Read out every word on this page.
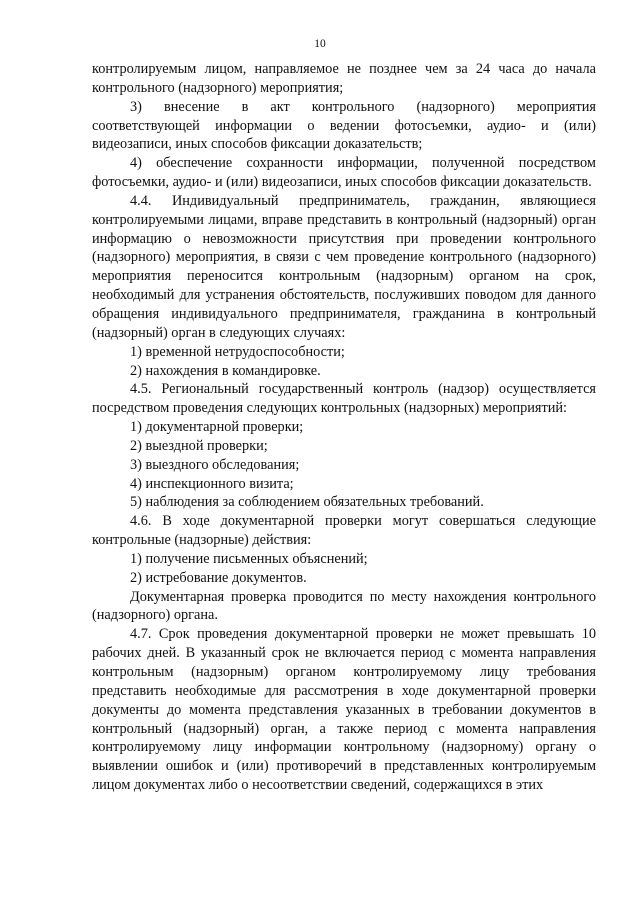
10

контролируемым лицом, направляемое не позднее чем за 24 часа до начала контрольного (надзорного) мероприятия;

3) внесение в акт контрольного (надзорного) мероприятия соответствующей информации о ведении фотосъемки, аудио- и (или) видеозаписи, иных способов фиксации доказательств;

4) обеспечение сохранности информации, полученной посредством фотосъемки, аудио- и (или) видеозаписи, иных способов фиксации доказательств.

4.4. Индивидуальный предприниматель, гражданин, являющиеся контролируемыми лицами, вправе представить в контрольный (надзорный) орган информацию о невозможности присутствия при проведении контрольного (надзорного) мероприятия, в связи с чем проведение контрольного (надзорного) мероприятия переносится контрольным (надзорным) органом на срок, необходимый для устранения обстоятельств, послуживших поводом для данного обращения индивидуального предпринимателя, гражданина в контрольный (надзорный) орган в следующих случаях:

1) временной нетрудоспособности;

2) нахождения в командировке.

4.5. Региональный государственный контроль (надзор) осуществляется посредством проведения следующих контрольных (надзорных) мероприятий:

1) документарной проверки;

2) выездной проверки;

3) выездного обследования;

4) инспекционного визита;

5) наблюдения за соблюдением обязательных требований.

4.6. В ходе документарной проверки могут совершаться следующие контрольные (надзорные) действия:

1) получение письменных объяснений;

2) истребование документов.

Документарная проверка проводится по месту нахождения контрольного (надзорного) органа.

4.7. Срок проведения документарной проверки не может превышать 10 рабочих дней. В указанный срок не включается период с момента направления контрольным (надзорным) органом контролируемому лицу требования представить необходимые для рассмотрения в ходе документарной проверки документы до момента представления указанных в требовании документов в контрольный (надзорный) орган, а также период с момента направления контролируемому лицу информации контрольному (надзорному) органу о выявлении ошибок и (или) противоречий в представленных контролируемым лицом документах либо о несоответствии сведений, содержащихся в этих
